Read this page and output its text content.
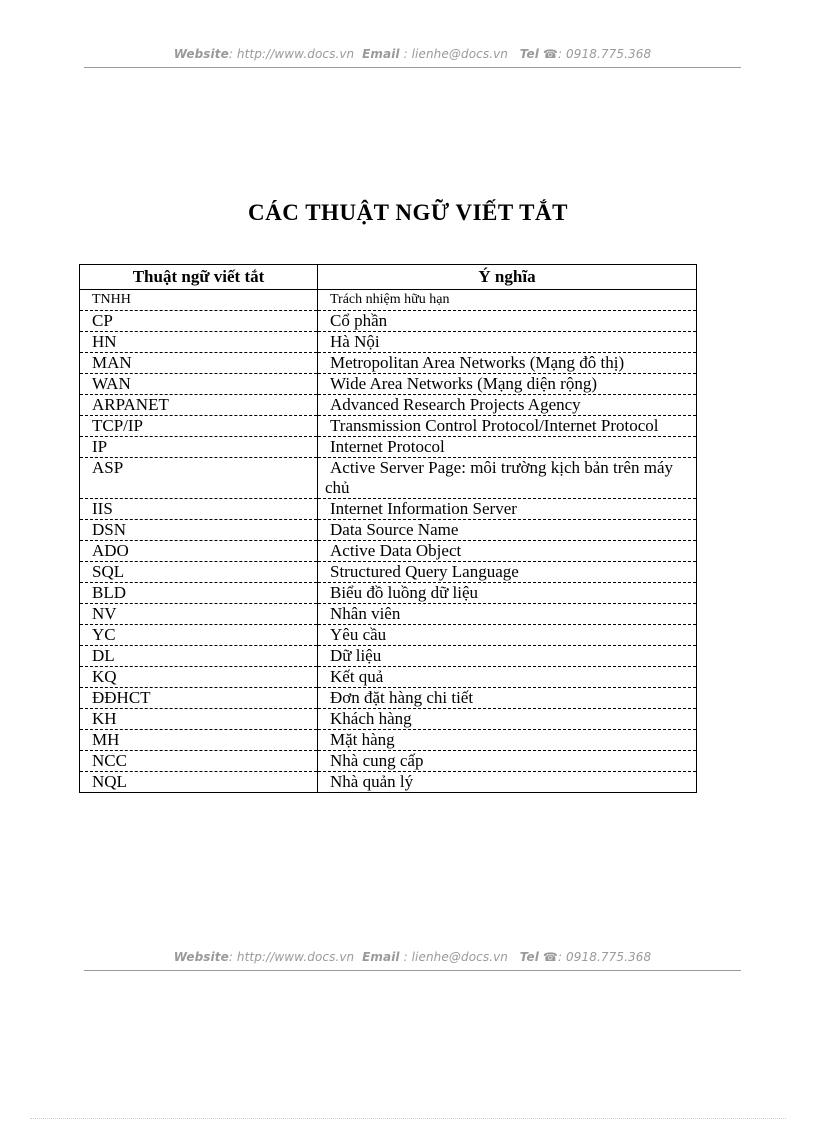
Website: http://www.docs.vn Email : lienhe@docs.vn Tel ☎: 0918.775.368
CÁC THUẬT NGỮ VIẾT TẮT
Thuật ngữ viết tắt	Ý nghĩa
TNHH	Trách nhiệm hữu hạn

CP	Cổ phần

HN	Hà Nội

MAN	Metropolitan Area Networks (Mạng đô thị)

WAN	Wide Area Networks (Mạng diện rộng)

ARPANET	Advanced Research Projects Agency

TCP/IP	Transmission Control Protocol/Internet Protocol

IP	Internet Protocol

ASP	Active Server Page: môi trường kịch bản trên máy chủ

IIS	Internet Information Server

DSN	Data Source Name

ADO	Active Data Object

SQL	Structured Query Language

BLD	Biểu đồ luồng dữ liệu

NV	Nhân viên

YC	Yêu cầu

DL	Dữ liệu

KQ	Kết quả

ĐĐHCT	Đơn đặt hàng chi tiết

KH	Khách hàng

MH	Mặt hàng

NCC	Nhà cung cấp

NQL	Nhà quản lý
Website: http://www.docs.vn Email : lienhe@docs.vn Tel ☎: 0918.775.368
